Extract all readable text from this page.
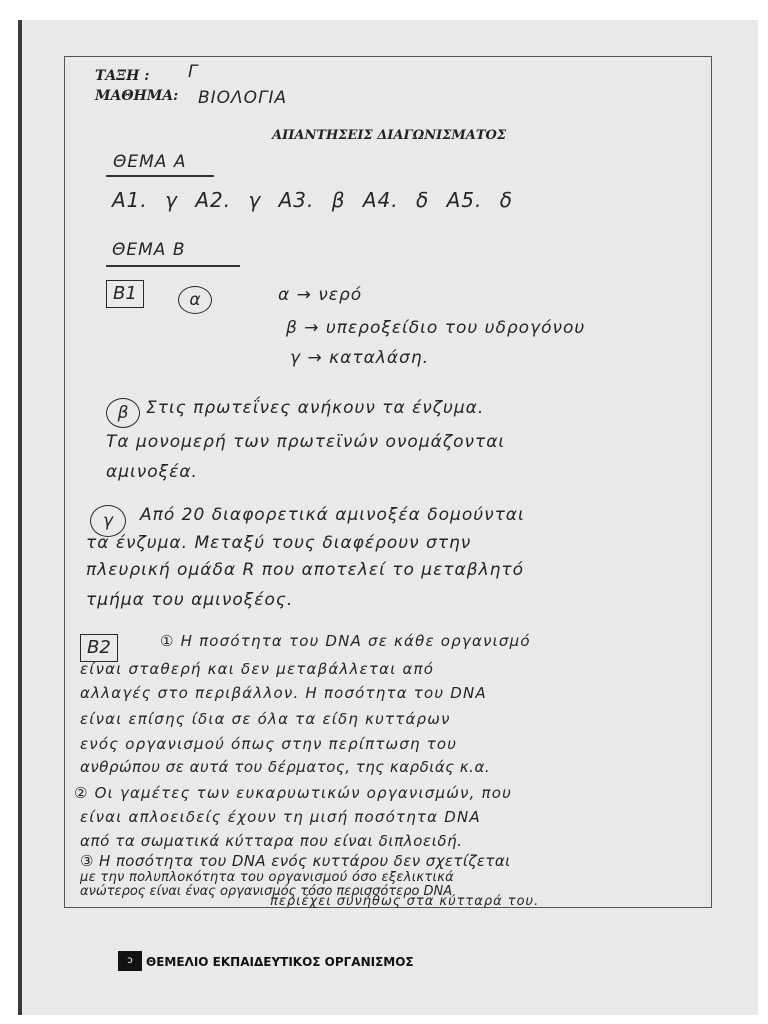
ΤΑΞΗ : Γ
ΜΑΘΗΜΑ: ΒΙΟΛΟΓΙΑ
ΑΠΑΝΤΗΣΕΙΣ ΔΙΑΓΩΝΙΣΜΑΤΟΣ
ΘΕΜΑ Α
Α1. γ Α2. γ Α3. β Α4. δ Α5. δ
ΘΕΜΑ Β
Β1	α	α → νερό
β → υπεροξείδιο του υδρογόνου
γ → καταλάση.
β	Στις πρωτεΐνες ανήκουν τα ένζυμα.
Τα μονομερή των πρωτεϊνών ονομάζονται
αμινοξέα.
γ	Από 20 διαφορετικά αμινοξέα δομούνται
τα ένζυμα. Μεταξύ τους διαφέρουν στην
πλευρική ομάδα R που αποτελεί το μεταβλητό
τμήμα του αμινοξέος.
Β2	① Η ποσότητα του DNA σε κάθε οργανισμό
είναι σταθερή και δεν μεταβάλλεται από
αλλαγές στο περιβάλλον. Η ποσότητα του DNA
είναι επίσης ίδια σε όλα τα είδη κυττάρων
ενός οργανισμού όπως στην περίπτωση του
ανθρώπου σε αυτά του δέρματος, της καρδιάς κ.α.
② Οι γαμέτες των ευκαρυωτικών οργανισμών, που
είναι απλοειδείς έχουν τη μισή ποσότητα DNA
από τα σωματικά κύτταρα που είναι διπλοειδή.
③ Η ποσότητα του DNA ενός κυττάρου δεν σχετίζεται
με την πολυπλοκότητα του οργανισμού όσο εξελικτικά
ανώτερος είναι ένας οργανισμός τόσο περισσότερο DNA
περιέχει συνήθως στα κύτταρά του.
ↄ	ΘΕΜΕΛΙΟ ΕΚΠΑΙΔΕΥΤΙΚΟΣ ΟΡΓΑΝΙΣΜΟΣ
